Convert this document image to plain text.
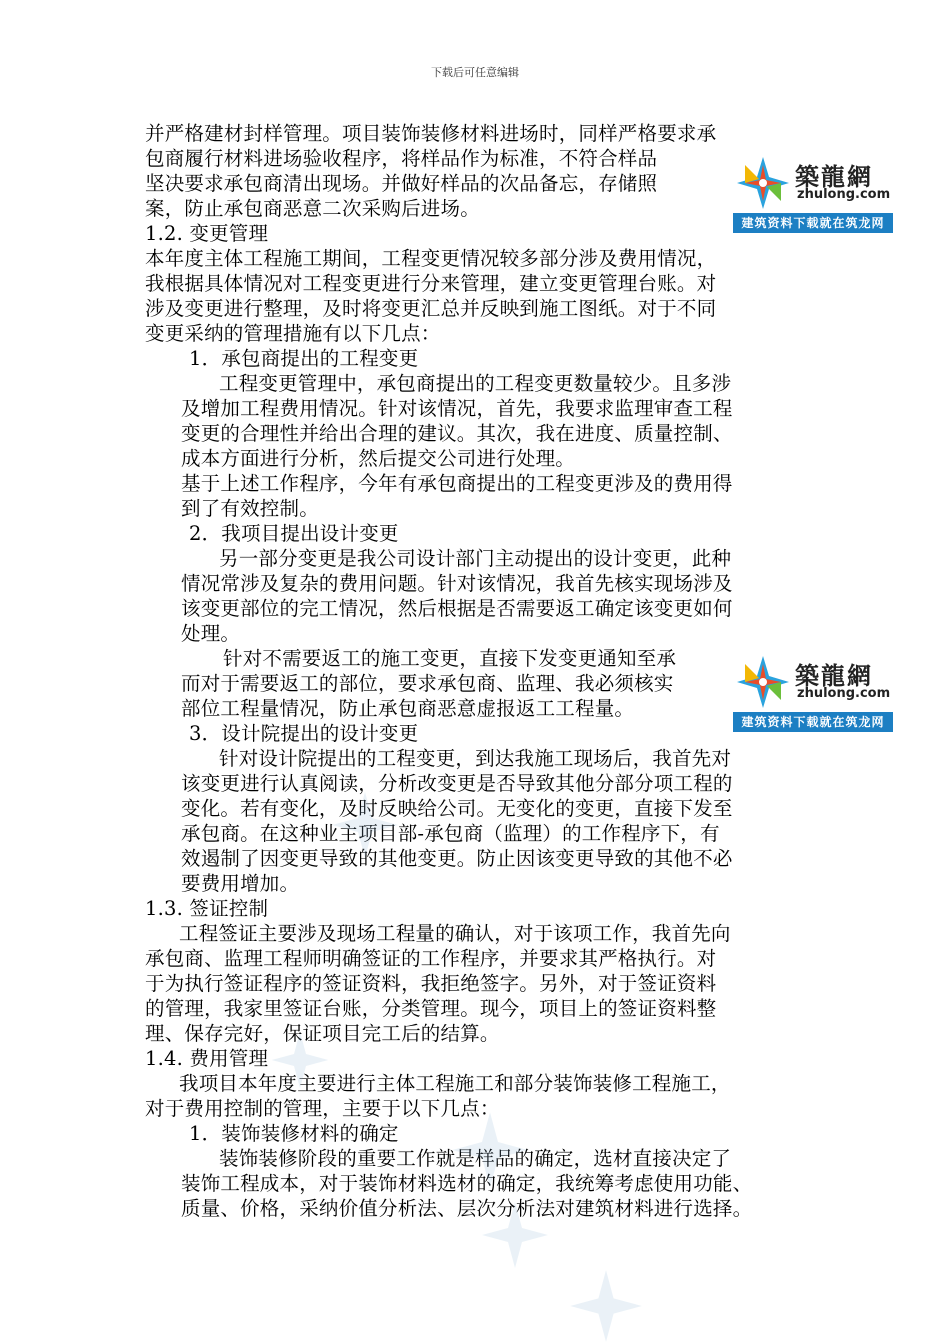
下载后可任意编辑
并严格建材封样管理。项目装饰装修材料进场时，同样严格要求承
包商履行材料进场验收程序，将样品作为标准，不符合样品
坚决要求承包商清出现场。并做好样品的次品备忘，存储照
案，防止承包商恶意二次采购后进场。
1.2. 变更管理
本年度主体工程施工期间，工程变更情况较多部分涉及费用情况，
我根据具体情况对工程变更进行分来管理，建立变更管理台账。对
涉及变更进行整理，及时将变更汇总并反映到施工图纸。对于不同
变更采纳的管理措施有以下几点：
1．承包商提出的工程变更
工程变更管理中，承包商提出的工程变更数量较少。且多涉
及增加工程费用情况。针对该情况，首先，我要求监理审查工程
变更的合理性并给出合理的建议。其次，我在进度、质量控制、
成本方面进行分析，然后提交公司进行处理。
基于上述工作程序，今年有承包商提出的工程变更涉及的费用得
到了有效控制。
2．我项目提出设计变更
另一部分变更是我公司设计部门主动提出的设计变更，此种
情况常涉及复杂的费用问题。针对该情况，我首先核实现场涉及
该变更部位的完工情况，然后根据是否需要返工确定该变更如何
处理。
针对不需要返工的施工变更，直接下发变更通知至承
而对于需要返工的部位，要求承包商、监理、我必须核实
部位工程量情况，防止承包商恶意虚报返工工程量。
3．设计院提出的设计变更
针对设计院提出的工程变更，到达我施工现场后，我首先对
该变更进行认真阅读，分析改变更是否导致其他分部分项工程的
变化。若有变化，及时反映给公司。无变化的变更，直接下发至
承包商。在这种业主项目部-承包商（监理）的工作程序下，有
效遏制了因变更导致的其他变更。防止因该变更导致的其他不必
要费用增加。
1.3. 签证控制
工程签证主要涉及现场工程量的确认，对于该项工作，我首先向
承包商、监理工程师明确签证的工作程序，并要求其严格执行。对
于为执行签证程序的签证资料，我拒绝签字。另外，对于签证资料
的管理，我家里签证台账，分类管理。现今，项目上的签证资料整
理、保存完好，保证项目完工后的结算。
1.4. 费用管理
我项目本年度主要进行主体工程施工和部分装饰装修工程施工，
对于费用控制的管理，主要于以下几点：
1．装饰装修材料的确定
装饰装修阶段的重要工作就是样品的确定，选材直接决定了
装饰工程成本，对于装饰材料选材的确定，我统筹考虑使用功能、
质量、价格，采纳价值分析法、层次分析法对建筑材料进行选择。
築龍網
zhulong.com
建筑资料下载就在筑龙网
築龍網
zhulong.com
建筑资料下载就在筑龙网
